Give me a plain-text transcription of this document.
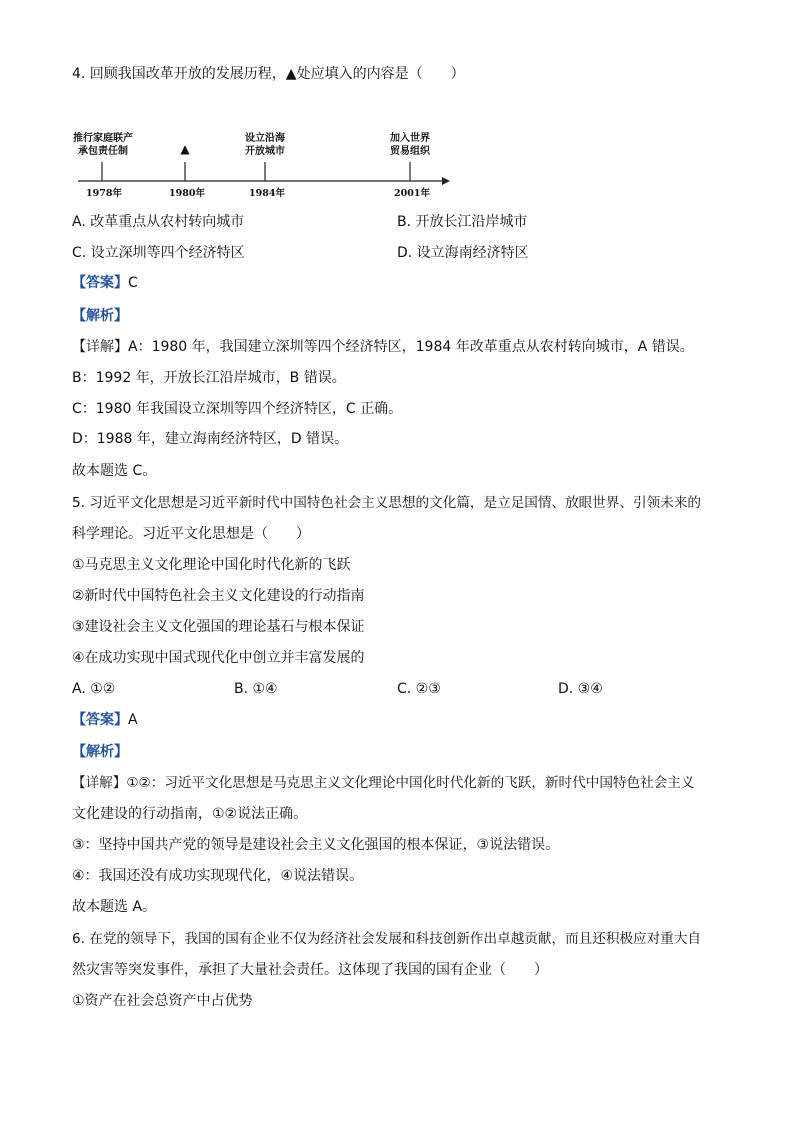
4. 回顾我国改革开放的发展历程，▲处应填入的内容是（　　）
推行家庭联产
承包责任制	▲
设立沿海
开放城市
加入世界
贸易组织
1978年	1980年	1984年	2001年
A. 改革重点从农村转向城市	B. 开放长江沿岸城市
C. 设立深圳等四个经济特区	D. 设立海南经济特区
【答案】C
【解析】
【详解】A：1980 年，我国建立深圳等四个经济特区，1984 年改革重点从农村转向城市，A 错误。
B：1992 年，开放长江沿岸城市，B 错误。
C：1980 年我国设立深圳等四个经济特区，C 正确。
D：1988 年，建立海南经济特区，D 错误。
故本题选 C。
5. 习近平文化思想是习近平新时代中国特色社会主义思想的文化篇，是立足国情、放眼世界、引领未来的
科学理论。习近平文化思想是（　　）
①马克思主义文化理论中国化时代化新的飞跃
②新时代中国特色社会主义文化建设的行动指南
③建设社会主义文化强国的理论基石与根本保证
④在成功实现中国式现代化中创立并丰富发展的
A. ①②	B. ①④	C. ②③	D. ③④
【答案】A
【解析】
【详解】①②：习近平文化思想是马克思主义文化理论中国化时代化新的飞跃，新时代中国特色社会主义
文化建设的行动指南，①②说法正确。
③：坚持中国共产党的领导是建设社会主义文化强国的根本保证，③说法错误。
④：我国还没有成功实现现代化，④说法错误。
故本题选 A。
6. 在党的领导下，我国的国有企业不仅为经济社会发展和科技创新作出卓越贡献，而且还积极应对重大自
然灾害等突发事件，承担了大量社会责任。这体现了我国的国有企业（　　）
①资产在社会总资产中占优势
